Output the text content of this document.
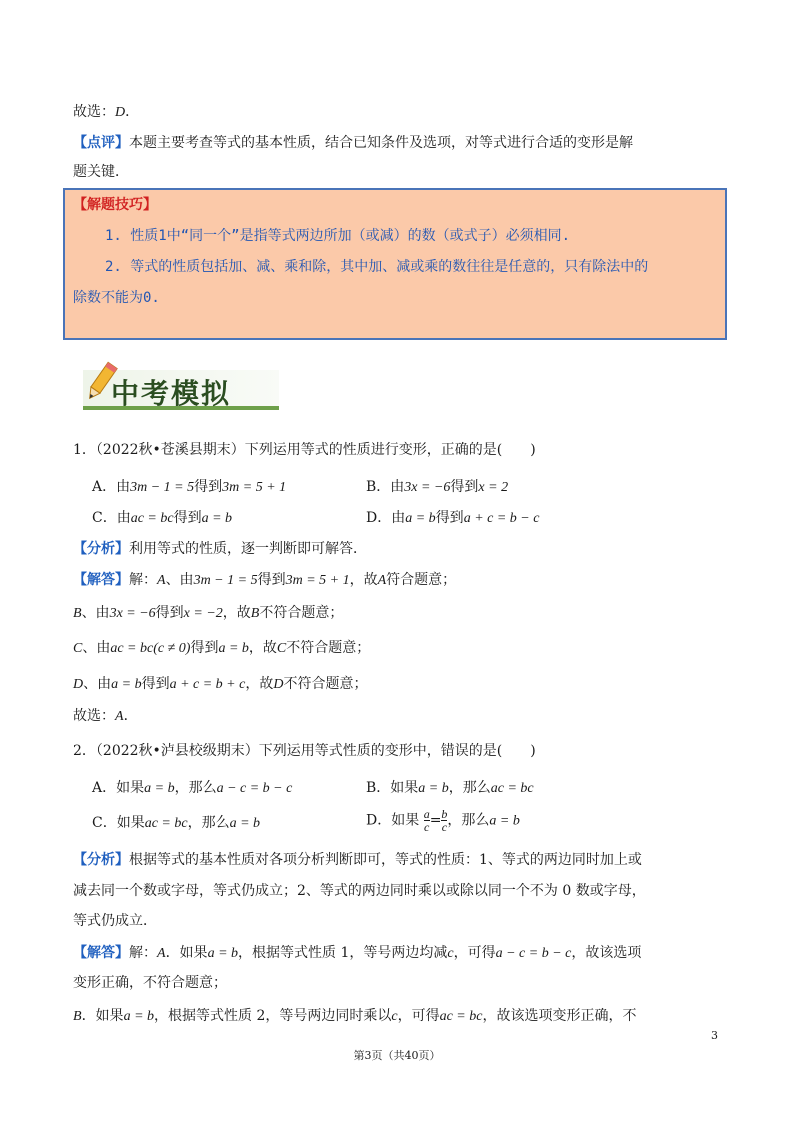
故选：D．
【点评】本题主要考查等式的基本性质，结合已知条件及选项，对等式进行合适的变形是解
题关键．
【解题技巧】
1. 性质1中“同一个”是指等式两边所加（或减）的数（或式子）必须相同.
2. 等式的性质包括加、减、乘和除，其中加、减或乘的数往往是任意的，只有除法中的
除数不能为0.
中考模拟
1．（2022秋•苍溪县期末）下列运用等式的性质进行变形，正确的是(　　)
A．由3m − 1 = 5得到3m = 5 + 1	B．由3x = −6得到x = 2
C．由ac = bc得到a = b	D．由a = b得到a + c = b − c
【分析】利用等式的性质，逐一判断即可解答．
【解答】解：A、由3m − 1 = 5得到3m = 5 + 1，故A符合题意；
B、由3x = −6得到x = −2，故B不符合题意；
C、由ac = bc(c ≠ 0)得到a = b，故C不符合题意；
D、由a = b得到a + c = b + c，故D不符合题意；
故选：A．
2．（2022秋•泸县校级期末）下列运用等式性质的变形中，错误的是(　　)
A．如果a = b，那么a − c = b − c	B．如果a = b，那么ac = bc
C．如果ac = bc，那么a = b	D．如果 $\frac{a}{c} = \frac{b}{c}$ ，那么a = b
【分析】根据等式的基本性质对各项分析判断即可，等式的性质：1、等式的两边同时加上或
减去同一个数或字母，等式仍成立；2、等式的两边同时乘以或除以同一个不为 0 数或字母，
等式仍成立．
【解答】解：A．如果a = b，根据等式性质 1，等号两边均减c，可得a − c = b − c，故该选项
变形正确，不符合题意；
B．如果a = b，根据等式性质 2，等号两边同时乘以c，可得ac = bc，故该选项变形正确，不
3
第3页（共40页）
